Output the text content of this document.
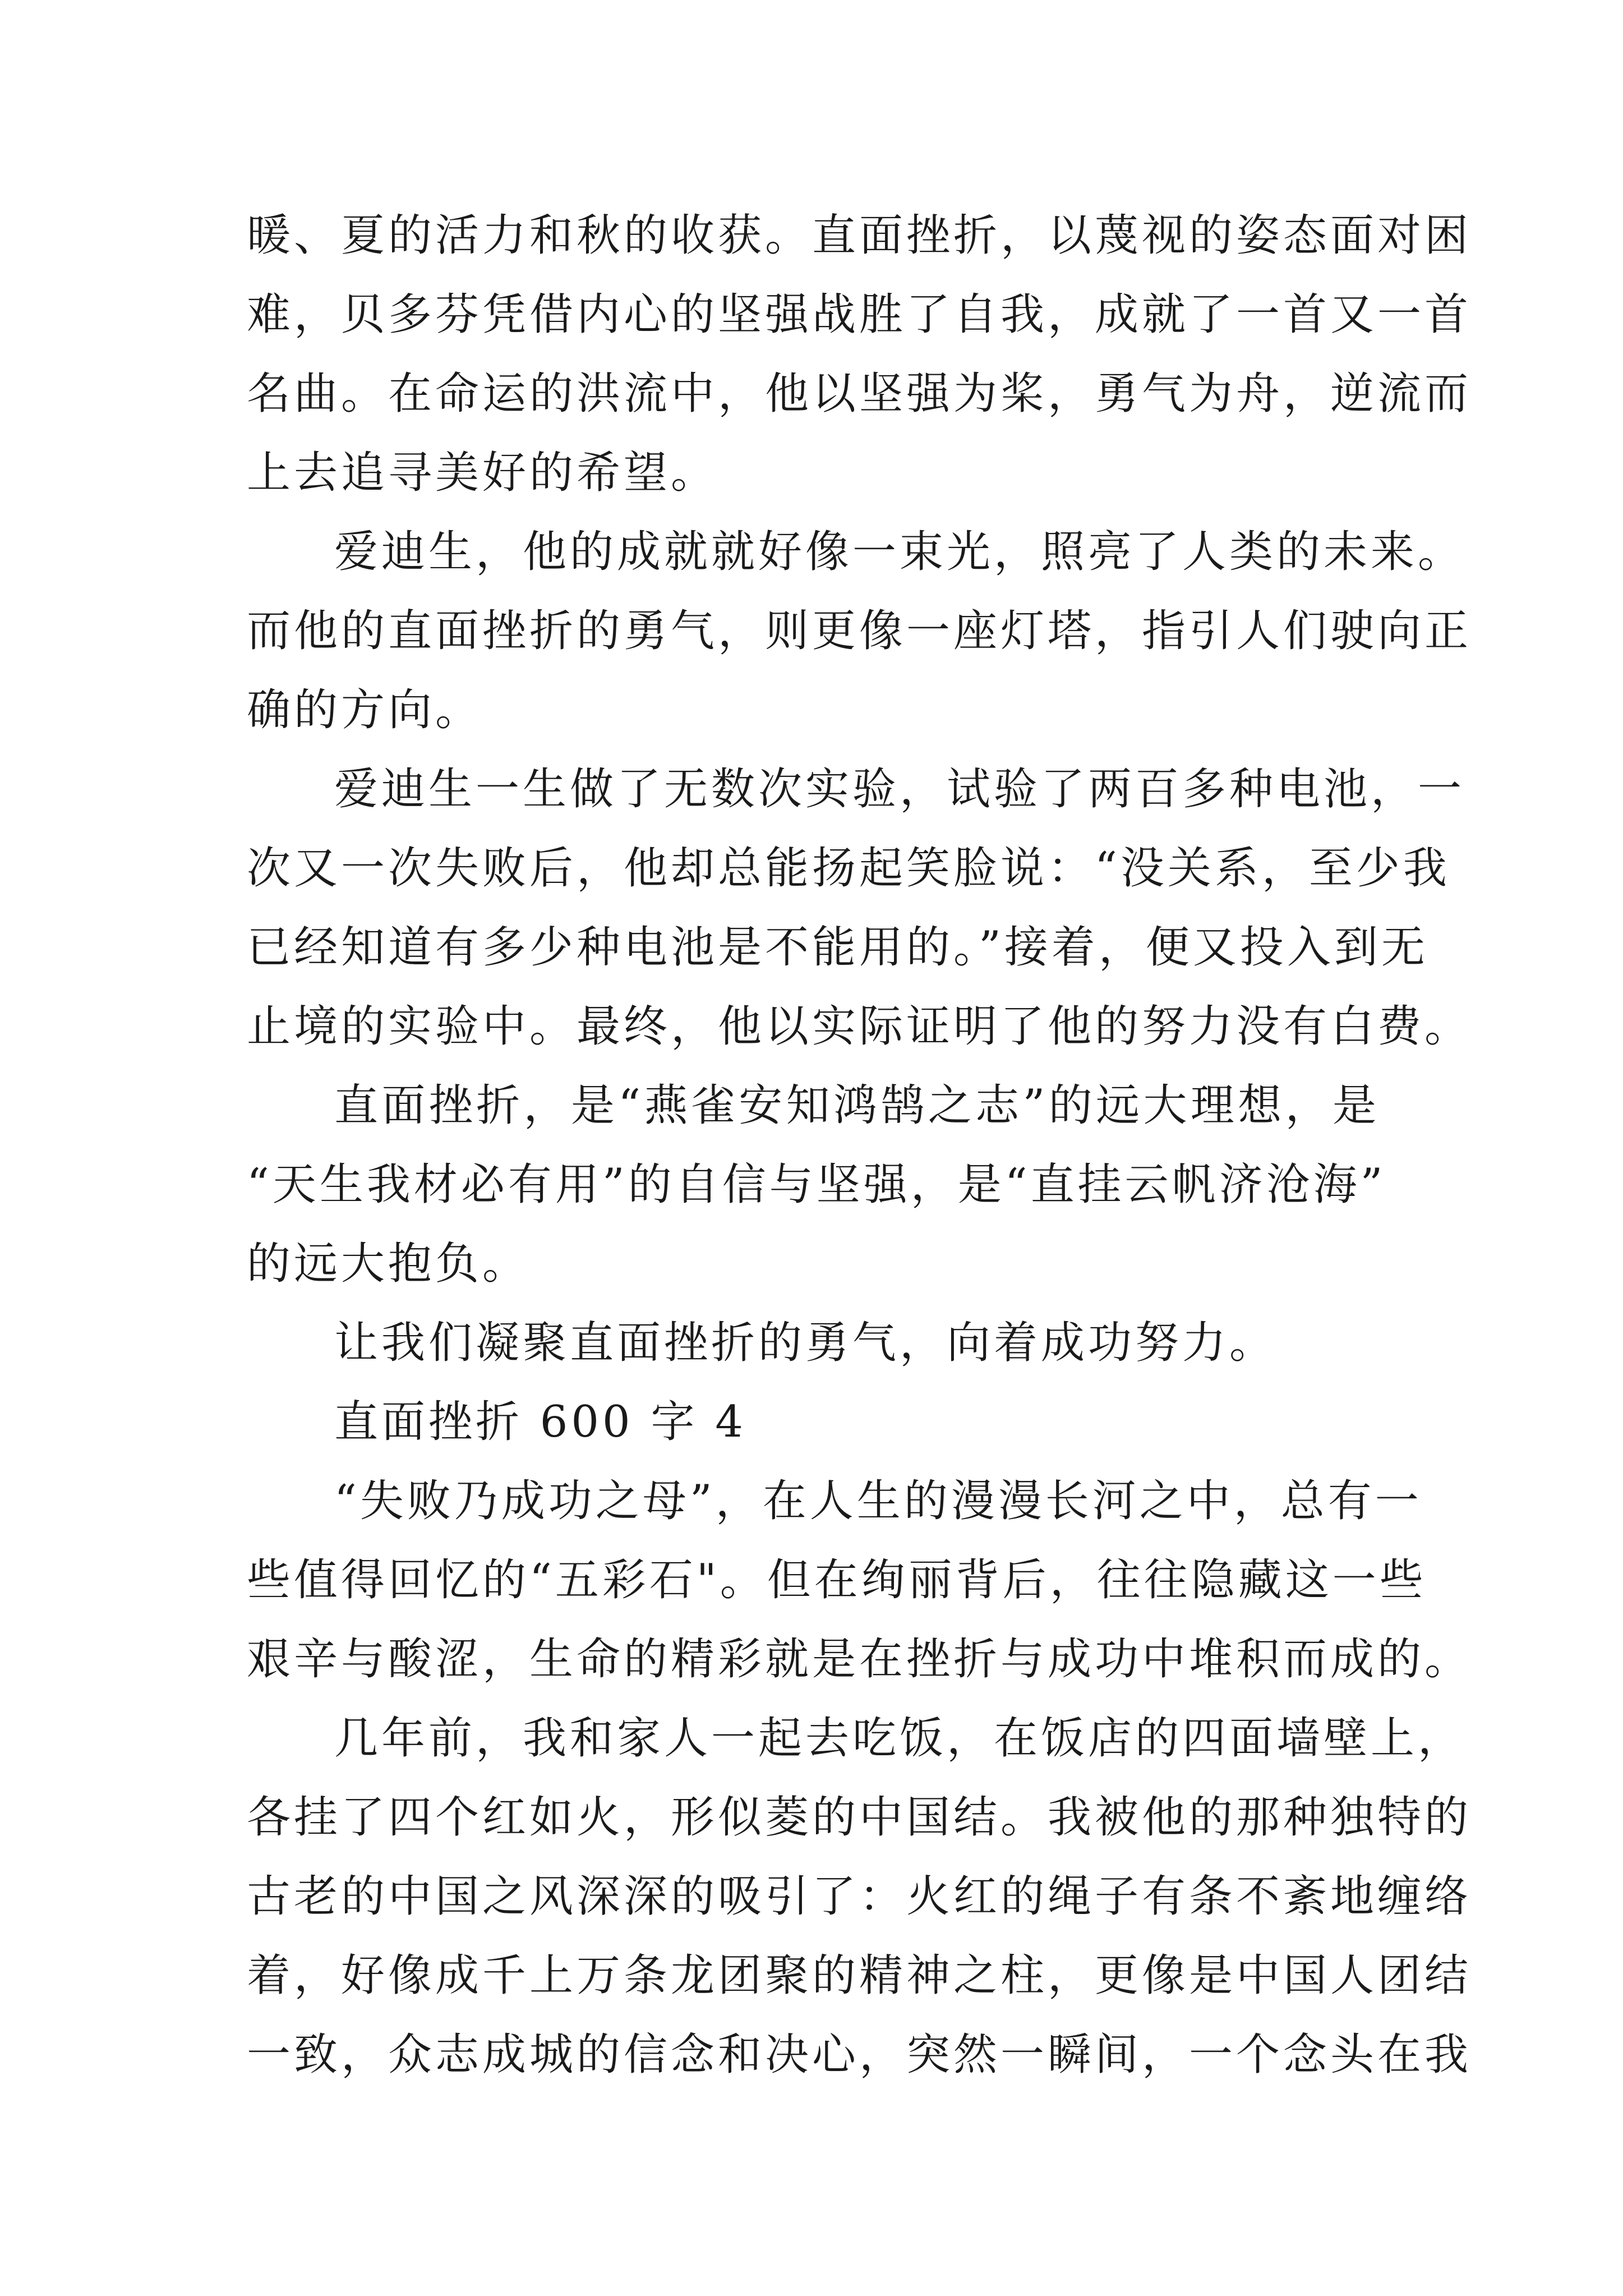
暖、夏的活力和秋的收获。直面挫折，以蔑视的姿态面对困
难，贝多芬凭借内心的坚强战胜了自我，成就了一首又一首
名曲。在命运的洪流中，他以坚强为桨，勇气为舟，逆流而
上去追寻美好的希望。
爱迪生，他的成就就好像一束光，照亮了人类的未来。
而他的直面挫折的勇气，则更像一座灯塔，指引人们驶向正
确的方向。
爱迪生一生做了无数次实验，试验了两百多种电池，一
次又一次失败后，他却总能扬起笑脸说：“没关系，至少我
已经知道有多少种电池是不能用的。”接着，便又投入到无
止境的实验中。最终，他以实际证明了他的努力没有白费。
直面挫折，是“燕雀安知鸿鹄之志”的远大理想，是
“天生我材必有用”的自信与坚强，是“直挂云帆济沧海”
的远大抱负。
让我们凝聚直面挫折的勇气，向着成功努力。
直面挫折 600 字 4
“失败乃成功之母”，在人生的漫漫长河之中，总有一
些值得回忆的“五彩石"。但在绚丽背后，往往隐藏这一些
艰辛与酸涩，生命的精彩就是在挫折与成功中堆积而成的。
几年前，我和家人一起去吃饭，在饭店的四面墙壁上，
各挂了四个红如火，形似菱的中国结。我被他的那种独特的
古老的中国之风深深的吸引了：火红的绳子有条不紊地缠络
着，好像成千上万条龙团聚的精神之柱，更像是中国人团结
一致，众志成城的信念和决心，突然一瞬间，一个念头在我
